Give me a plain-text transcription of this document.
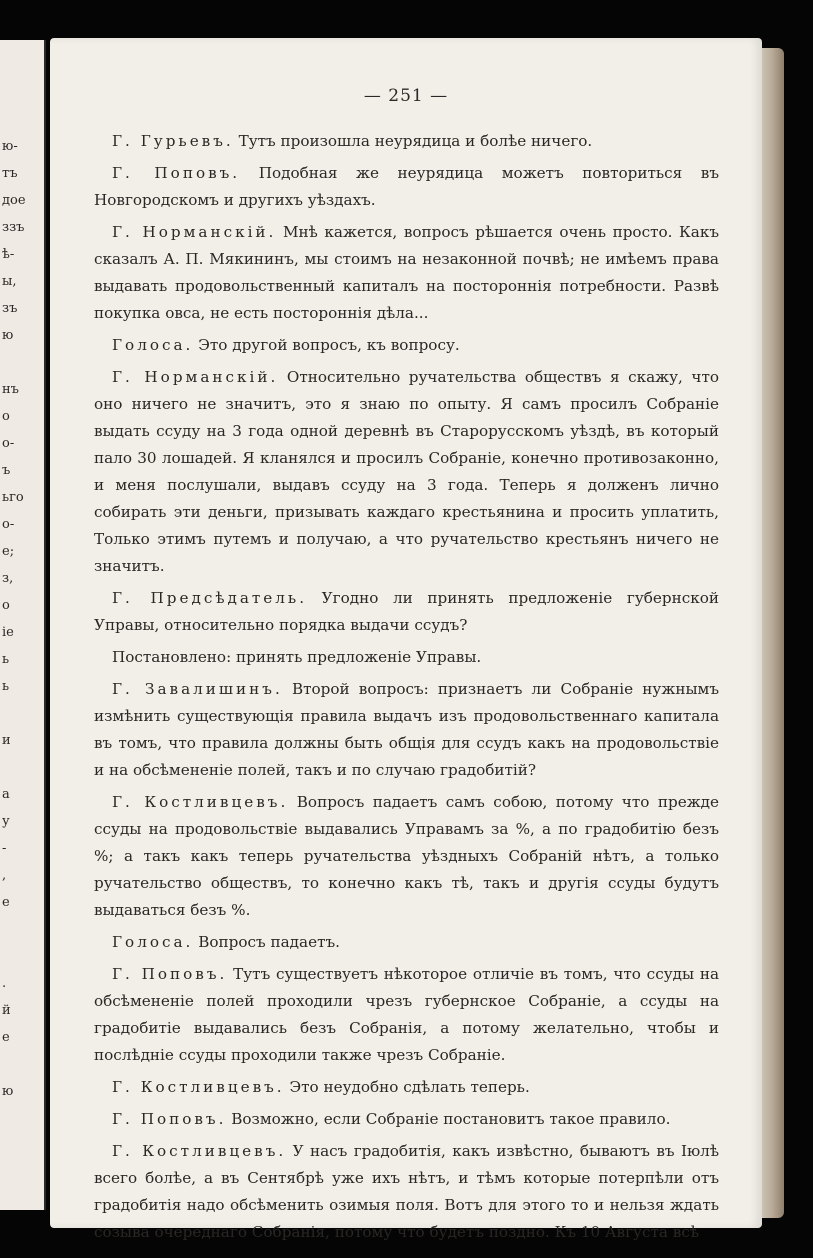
ю-
тъ
доe
ззъ
ѣ-
ы,
зъ
ю
нъ
о
о-
ъ
ьго
о-
е;
з,
о
іе
ь
ь
и
а
у
-
,
е
.
й
е
ю
— 251 —

Г. Гурьевъ. Тутъ произошла неурядица и болѣе ничего.

Г. Поповъ. Подобная же неурядица можетъ повториться въ Новгородскомъ и другихъ уѣздахъ.

Г. Норманскій. Мнѣ кажется, вопросъ рѣшается очень просто. Какъ сказалъ А. П. Мякининъ, мы стоимъ на незаконной почвѣ; не имѣемъ права выдавать продовольственный капиталъ на постороннія потребности. Развѣ покупка овса, не есть постороннія дѣла...

Голоса. Это другой вопросъ, къ вопросу.

Г. Норманскій. Относительно ручательства обществъ я скажу, что оно ничего не значитъ, это я знаю по опыту. Я самъ просилъ Собраніе выдать ссуду на 3 года одной деревнѣ въ Старорусскомъ уѣздѣ, въ который пало 30 лошадей. Я кланялся и просилъ Собраніе, конечно противозаконно, и меня послушали, выдавъ ссуду на 3 года. Теперь я долженъ лично собирать эти деньги, призывать каждаго крестьянина и просить уплатить, Только этимъ путемъ и получаю, а что ручательство крестьянъ ничего не значитъ.

Г. Предсѣдатель. Угодно ли принять предложеніе губернской Управы, относительно порядка выдачи ссудъ?

Постановлено: принять предложеніе Управы.

Г. Завалишинъ. Второй вопросъ: признаетъ ли Собраніе нужнымъ измѣнить существующія правила выдачъ изъ продовольственнаго капитала въ томъ, что правила должны быть общія для ссудъ какъ на продовольствіе и на обсѣмененіе полей, такъ и по случаю градобитій?

Г. Костливцевъ. Вопросъ падаетъ самъ собою, потому что прежде ссуды на продовольствіе выдавались Управамъ за %, а по градобитію безъ %; а такъ какъ теперь ручательства уѣздныхъ Собраній нѣтъ, а только ручательство обществъ, то конечно какъ тѣ, такъ и другія ссуды будутъ выдаваться безъ %.

Голоса. Вопросъ падаетъ.

Г. Поповъ. Тутъ существуетъ нѣкоторое отличіе въ томъ, что ссуды на обсѣмененіе полей проходили чрезъ губернское Собраніе, а ссуды на градобитіе выдавались безъ Собранія, а потому желательно, чтобы и послѣдніе ссуды проходили также чрезъ Собраніе.

Г. Костливцевъ. Это неудобно сдѣлать теперь.

Г. Поповъ. Возможно, если Собраніе постановитъ такое правило.

Г. Костливцевъ. У насъ градобитія, какъ извѣстно, бываютъ въ Іюлѣ всего болѣе, а въ Сентябрѣ уже ихъ нѣтъ, и тѣмъ которые потерпѣли отъ градобитія надо обсѣменить озимыя поля. Вотъ для этого то и нельзя ждать созыва очереднаго Собранія, потому что будетъ поздно. Къ 10 Августа всѣ
